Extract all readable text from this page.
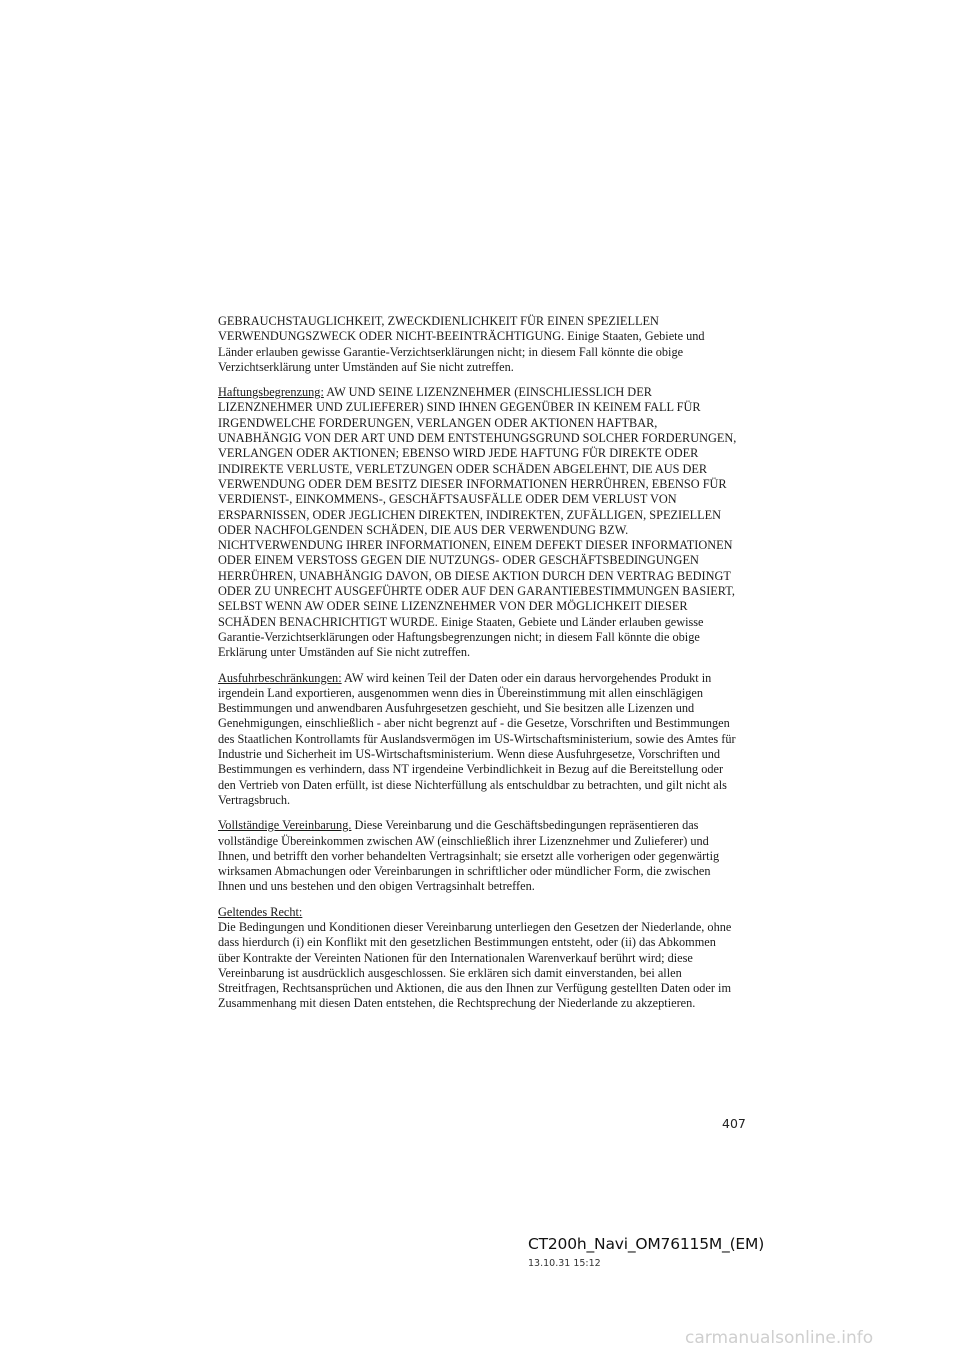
GEBRAUCHSTAUGLICHKEIT, ZWECKDIENLICHKEIT FÜR EINEN SPEZIELLEN VERWENDUNGSZWECK ODER NICHT-BEEINTRÄCHTIGUNG. Einige Staaten, Gebiete und Länder erlauben gewisse Garantie-Verzichtserklärungen nicht; in diesem Fall könnte die obige Verzichtserklärung unter Umständen auf Sie nicht zutreffen.

Haftungsbegrenzung: AW UND SEINE LIZENZNEHMER (EINSCHLIESSLICH DER LIZENZNEHMER UND ZULIEFERER) SIND IHNEN GEGENÜBER IN KEINEM FALL FÜR IRGENDWELCHE FORDERUNGEN, VERLANGEN ODER AKTIONEN HAFTBAR, UNABHÄNGIG VON DER ART UND DEM ENTSTEHUNGSGRUND SOLCHER FORDERUNGEN, VERLANGEN ODER AKTIONEN; EBENSO WIRD JEDE HAFTUNG FÜR DIREKTE ODER INDIREKTE VERLUSTE, VERLETZUNGEN ODER SCHÄDEN ABGELEHNT, DIE AUS DER VERWENDUNG ODER DEM BESITZ DIESER INFORMATIONEN HERRÜHREN, EBENSO FÜR VERDIENST-, EINKOMMENS-, GESCHÄFTSAUSFÄLLE ODER DEM VERLUST VON ERSPARNISSEN, ODER JEGLICHEN DIREKTEN, INDIREKTEN, ZUFÄLLIGEN, SPEZIELLEN ODER NACHFOLGENDEN SCHÄDEN, DIE AUS DER VERWENDUNG BZW. NICHTVERWENDUNG IHRER INFORMATIONEN, EINEM DEFEKT DIESER INFORMATIONEN ODER EINEM VERSTOSS GEGEN DIE NUTZUNGS- ODER GESCHÄFTSBEDINGUNGEN HERRÜHREN, UNABHÄNGIG DAVON, OB DIESE AKTION DURCH DEN VERTRAG BEDINGT ODER ZU UNRECHT AUSGEFÜHRTE ODER AUF DEN GARANTIEBESTIMMUNGEN BASIERT, SELBST WENN AW ODER SEINE LIZENZNEHMER VON DER MÖGLICHKEIT DIESER SCHÄDEN BENACHRICHTIGT WURDE. Einige Staaten, Gebiete und Länder erlauben gewisse Garantie-Verzichtserklärungen oder Haftungsbegrenzungen nicht; in diesem Fall könnte die obige Erklärung unter Umständen auf Sie nicht zutreffen.

Ausfuhrbeschränkungen: AW wird keinen Teil der Daten oder ein daraus hervorgehendes Produkt in irgendein Land exportieren, ausgenommen wenn dies in Übereinstimmung mit allen einschlägigen Bestimmungen und anwendbaren Ausfuhrgesetzen geschieht, und Sie besitzen alle Lizenzen und Genehmigungen, einschließlich - aber nicht begrenzt auf - die Gesetze, Vorschriften und Bestimmungen des Staatlichen Kontrollamts für Auslandsvermögen im US-Wirtschaftsministerium, sowie des Amtes für Industrie und Sicherheit im US-Wirtschaftsministerium. Wenn diese Ausfuhrgesetze, Vorschriften und Bestimmungen es verhindern, dass NT irgendeine Verbindlichkeit in Bezug auf die Bereitstellung oder den Vertrieb von Daten erfüllt, ist diese Nichterfüllung als entschuldbar zu betrachten, und gilt nicht als Vertragsbruch.

Vollständige Vereinbarung. Diese Vereinbarung und die Geschäftsbedingungen repräsentieren das vollständige Übereinkommen zwischen AW (einschließlich ihrer Lizenznehmer und Zulieferer) und Ihnen, und betrifft den vorher behandelten Vertragsinhalt; sie ersetzt alle vorherigen oder gegenwärtig wirksamen Abmachungen oder Vereinbarungen in schriftlicher oder mündlicher Form, die zwischen Ihnen und uns bestehen und den obigen Vertragsinhalt betreffen.

Geltendes Recht:
Die Bedingungen und Konditionen dieser Vereinbarung unterliegen den Gesetzen der Niederlande, ohne dass hierdurch (i) ein Konflikt mit den gesetzlichen Bestimmungen entsteht, oder (ii) das Abkommen über Kontrakte der Vereinten Nationen für den Internationalen Warenverkauf berührt wird; diese Vereinbarung ist ausdrücklich ausgeschlossen. Sie erklären sich damit einverstanden, bei allen Streitfragen, Rechtsansprüchen und Aktionen, die aus den Ihnen zur Verfügung gestellten Daten oder im Zusammenhang mit diesen Daten entstehen, die Rechtsprechung der Niederlande zu akzeptieren.

407
CT200h_Navi_OM76115M_(EM)
13.10.31 15:12
carmanualsonline.info
